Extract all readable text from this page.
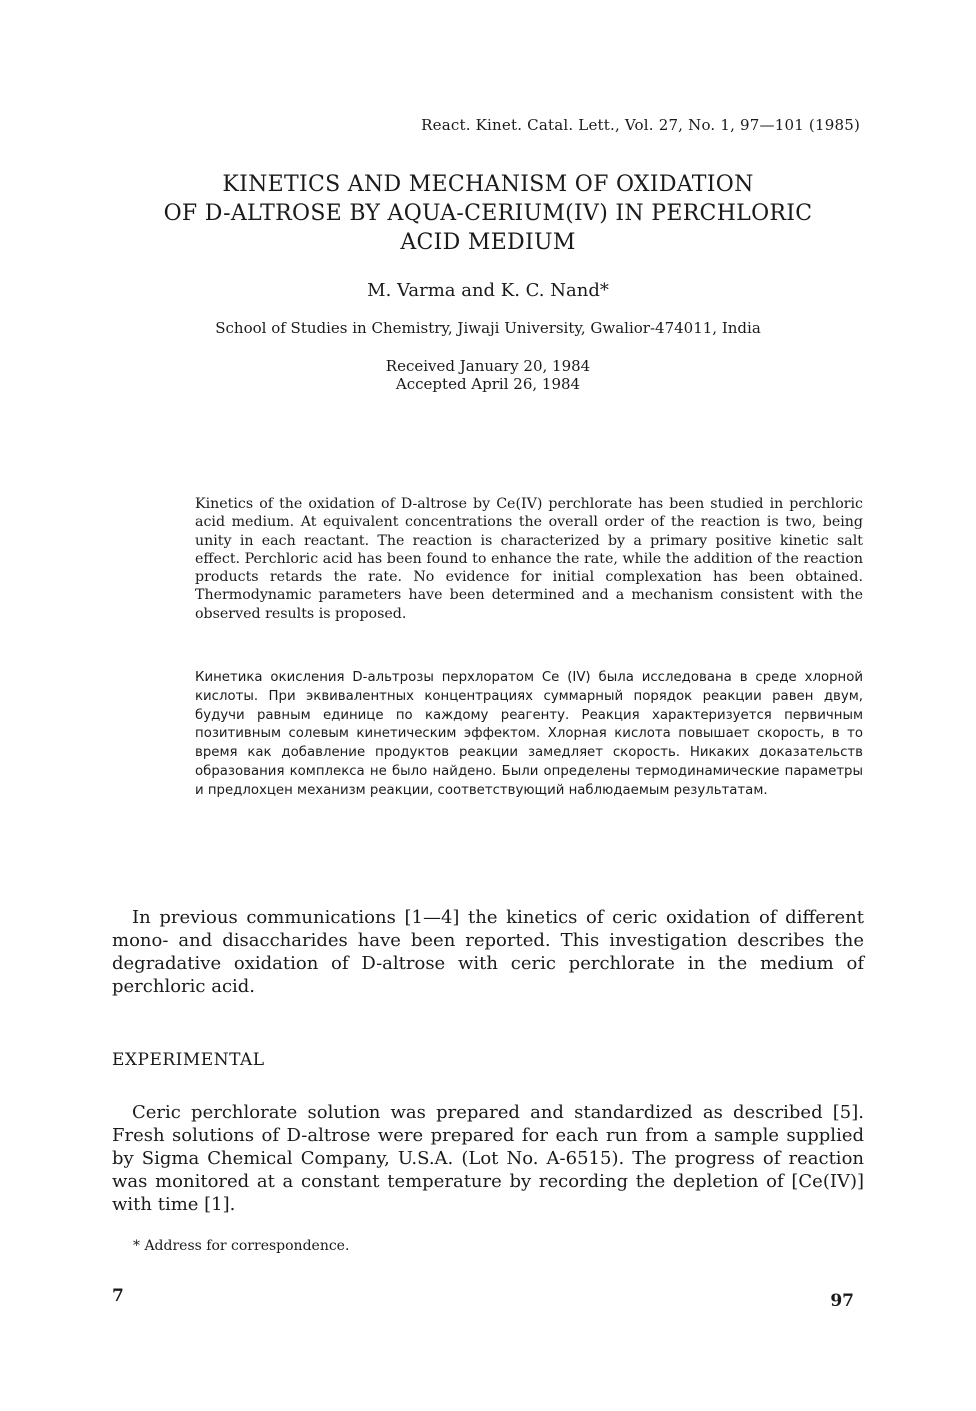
React. Kinet. Catal. Lett., Vol. 27, No. 1, 97—101 (1985)
KINETICS AND MECHANISM OF OXIDATION
OF D-ALTROSE BY AQUA-CERIUM(IV) IN PERCHLORIC
ACID MEDIUM
M. Varma and K. C. Nand*
School of Studies in Chemistry, Jiwaji University, Gwalior-474011, India
Received January 20, 1984
Accepted April 26, 1984
Kinetics of the oxidation of D-altrose by Ce(IV) perchlorate has been studied in perchloric acid medium. At equivalent concentrations the overall order of the reaction is two, being unity in each reactant. The reaction is characterized by a primary positive kinetic salt effect. Perchloric acid has been found to enhance the rate, while the addition of the reaction products retards the rate. No evidence for initial complexation has been obtained. Thermodynamic parameters have been determined and a mechanism consistent with the observed results is proposed.
Кинетика окисления D-альтрозы перхлоратом Ce (IV) была исследована в среде хлорной кислоты. При эквивалентных концентрациях суммарный порядок реакции равен двум, будучи равным единице по каждому реагенту. Реакция характеризуется первичным позитивным солевым кинетическим эффектом. Хлорная кислота повышает скорость, в то время как добавление продуктов реакции замедляет скорость. Никаких доказательств образования комплекса не было найдено. Были определены термодинамические параметры и предлохцен механизм реакции, соответствующий наблюдаемым результатам.
In previous communications [1—4] the kinetics of ceric oxidation of different mono- and disaccharides have been reported. This investigation describes the degradative oxidation of D-altrose with ceric perchlorate in the medium of perchloric acid.
EXPERIMENTAL
Ceric perchlorate solution was prepared and standardized as described [5]. Fresh solutions of D-altrose were prepared for each run from a sample supplied by Sigma Chemical Company, U.S.A. (Lot No. A-6515). The progress of reaction was monitored at a constant temperature by recording the depletion of [Ce(IV)] with time [1].
* Address for correspondence.
7	97
